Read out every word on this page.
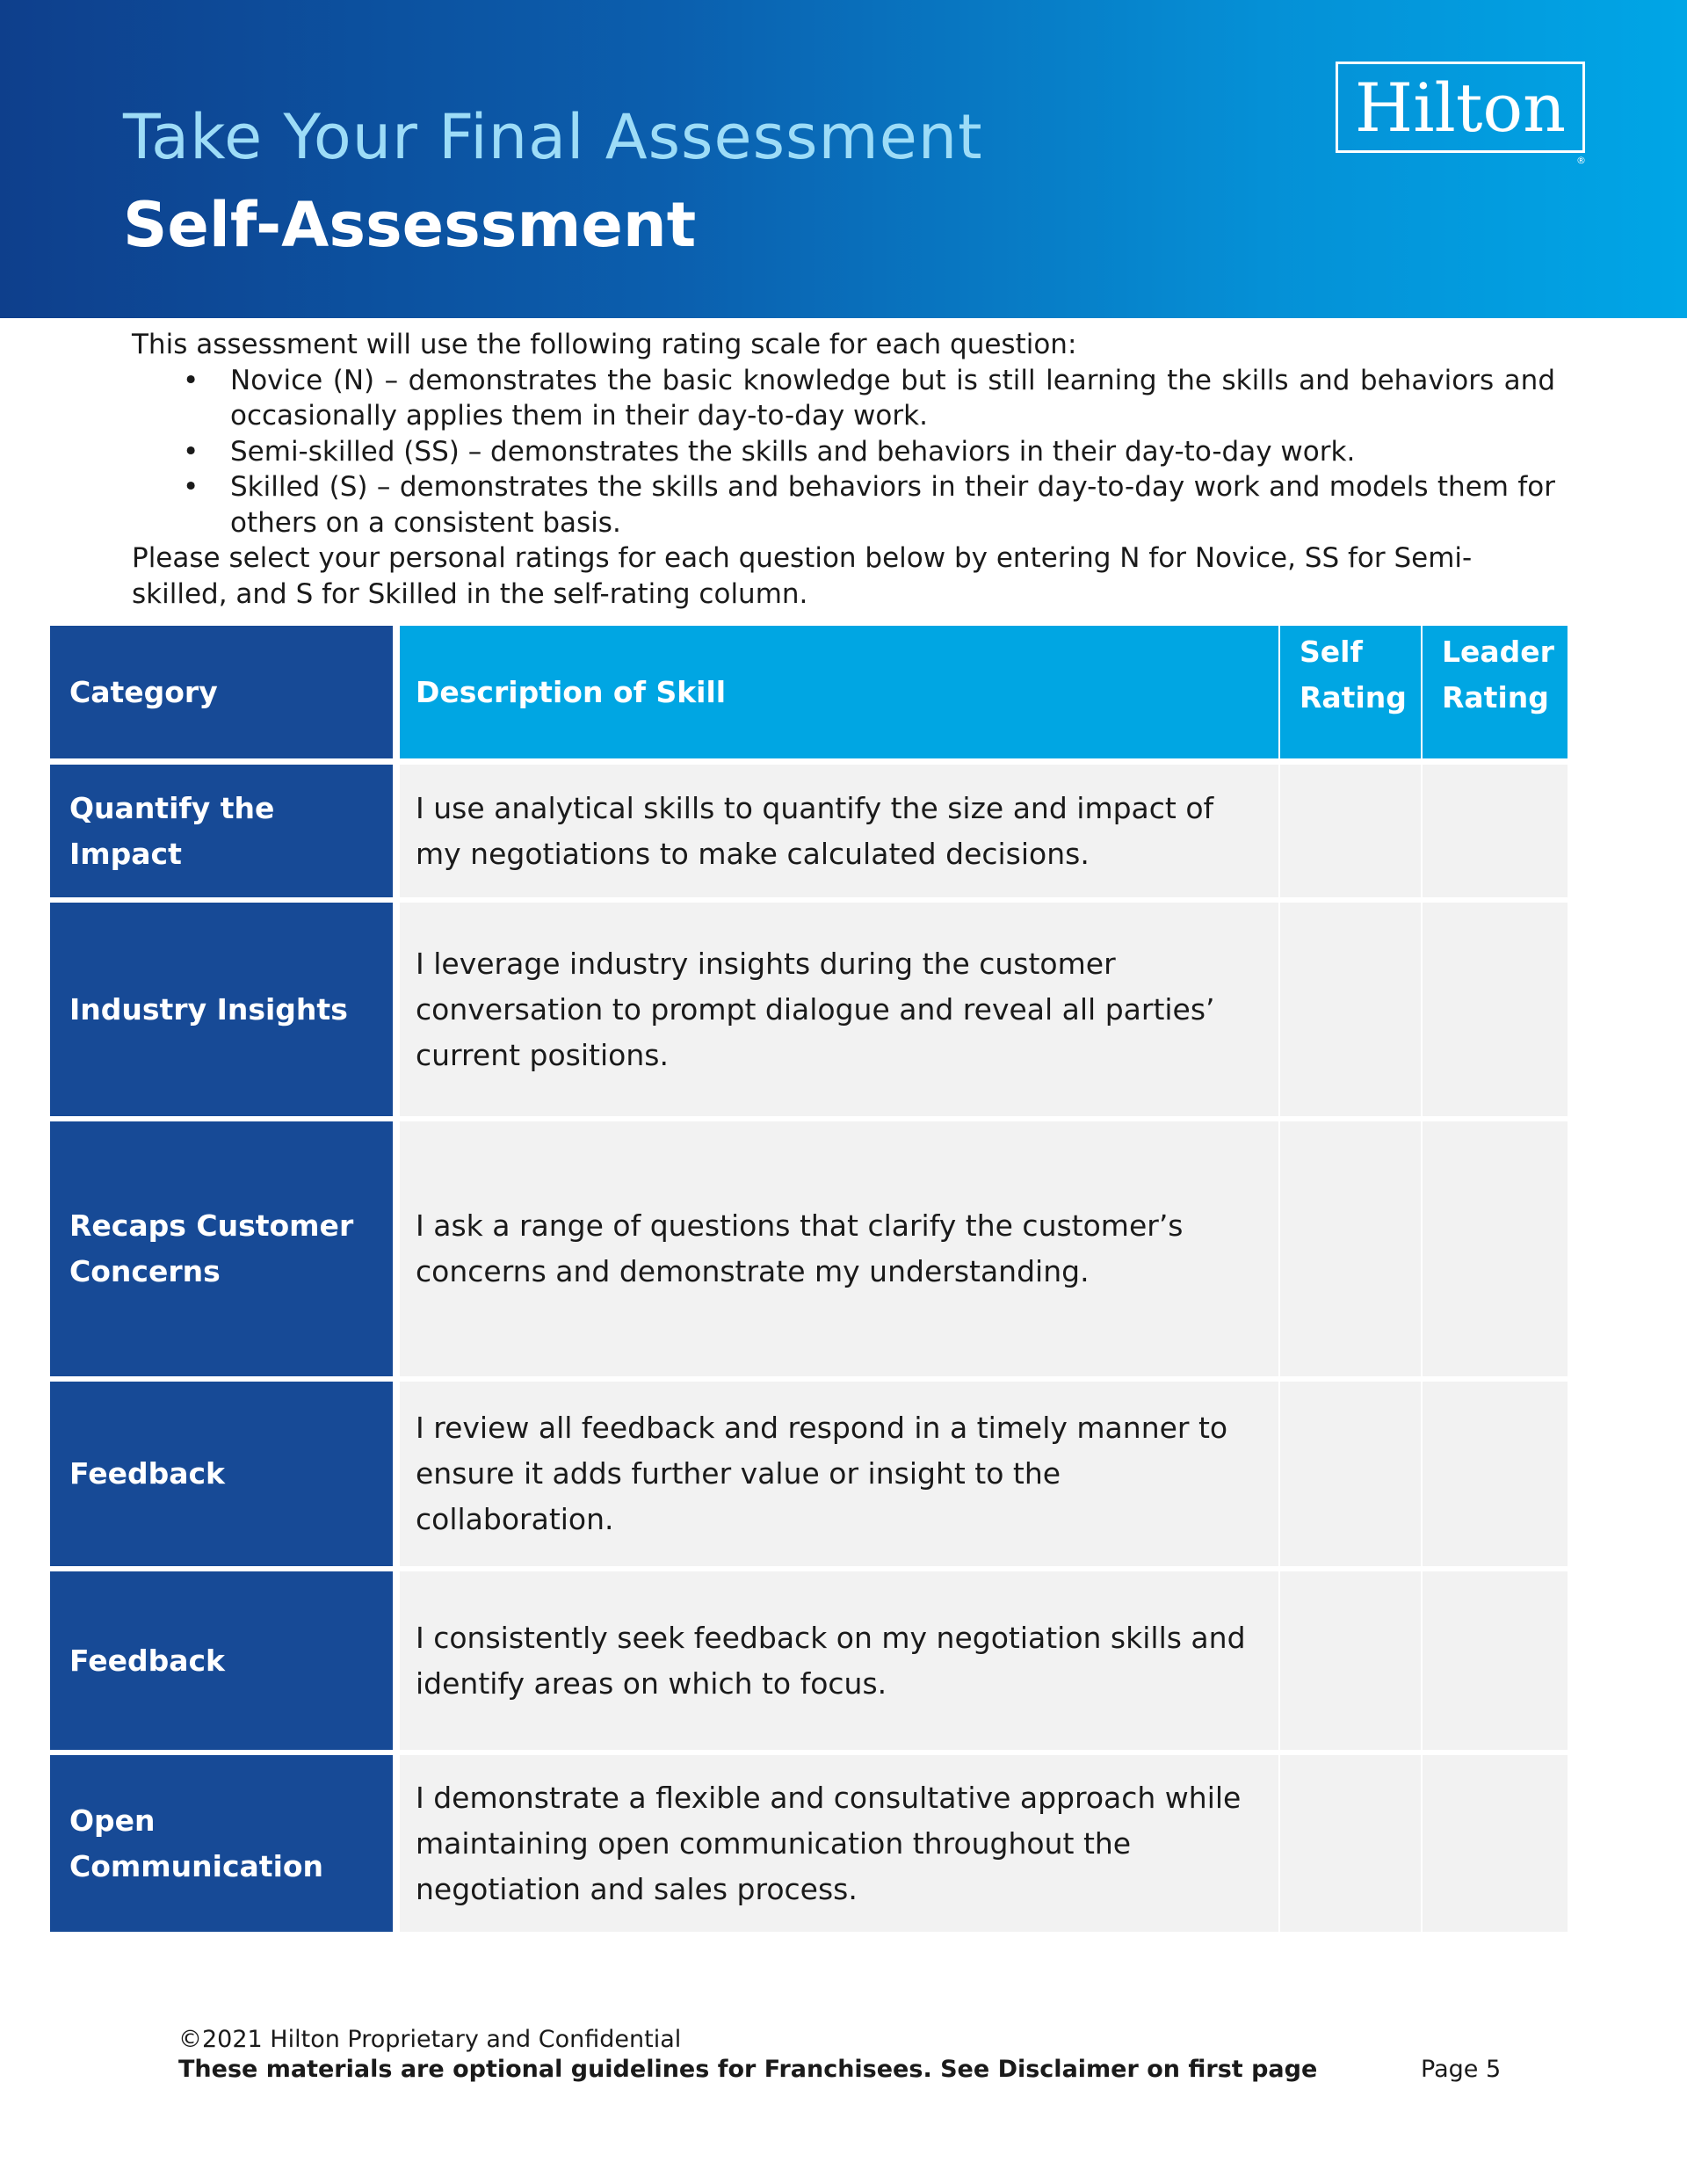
Take Your Final Assessment
Self-Assessment
Hilton
®

This assessment will use the following rating scale for each question:

• Novice (N) – demonstrates the basic knowledge but is still learning the skills and behaviors and occasionally applies them in their day-to-day work.
• Semi-skilled (SS) – demonstrates the skills and behaviors in their day-to-day work.
• Skilled (S) – demonstrates the skills and behaviors in their day-to-day work and models them for others on a consistent basis.

Please select your personal ratings for each question below by entering N for Novice, SS for Semi-skilled, and S for Skilled in the self-rating column.

Category	Description of Skill
Self
Rating
Leader
Rating
Quantify the Impact
I use analytical skills to quantify the size and impact of my negotiations to make calculated decisions.
Industry Insights
I leverage industry insights during the customer conversation to prompt dialogue and reveal all parties’ current positions.
Recaps Customer Concerns
I ask a range of questions that clarify the customer’s concerns and demonstrate my understanding.
Feedback
I review all feedback and respond in a timely manner to ensure it adds further value or insight to the collaboration.
Feedback
I consistently seek feedback on my negotiation skills and identify areas on which to focus.
Open Communication
I demonstrate a flexible and consultative approach while maintaining open communication throughout the negotiation and sales process.
©2021 Hilton Proprietary and Confidential
These materials are optional guidelines for Franchisees. See Disclaimer on first page	Page 5
